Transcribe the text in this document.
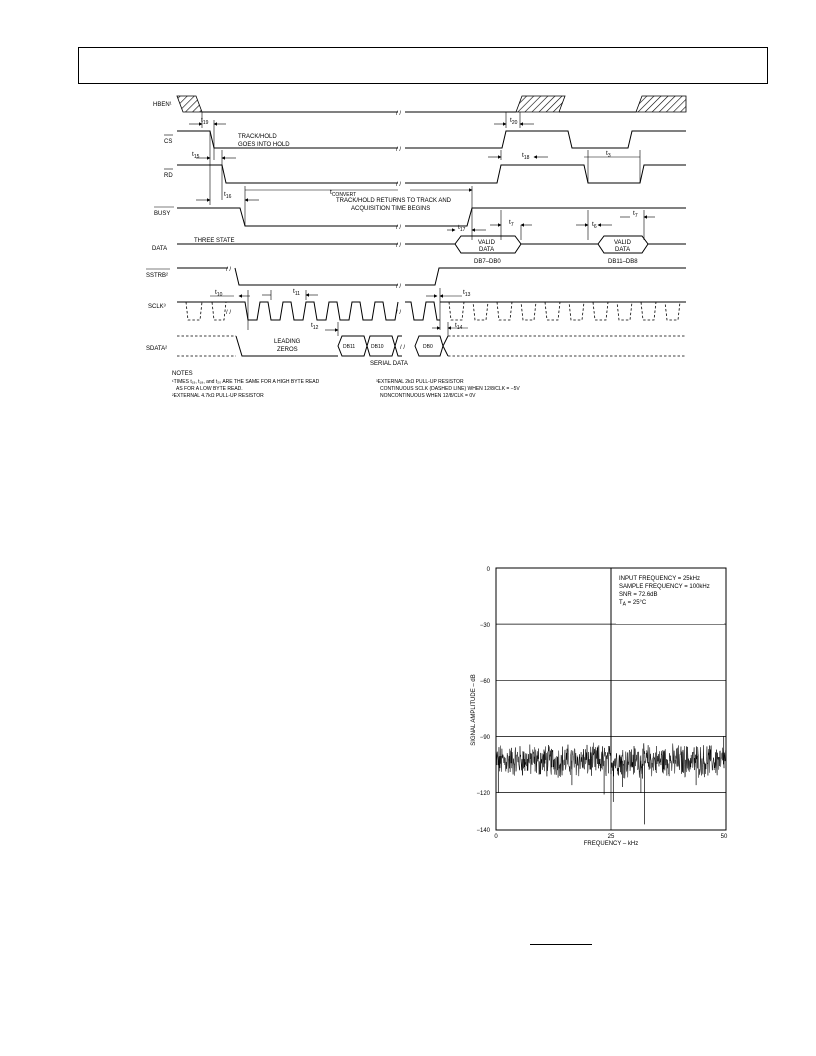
HBEN¹
CS
RD
BUSY
DATA
SSTRB²
SCLK³
SDATA²
/ /
/ /
/ /
/ /
/ /
/ /
/ /
/ /	/ /
/ /
DB11	DB10	DB0
$t_{19}$	$t_{20}$
$t_{15}$
$t_{16}$
$t_{18}$
$t_3$
$t_{17}$
$t_7$	$t_6$
$t_7$
$t_{10}$	$t_{11}$
$t_{12}$
$t_{13}$
$t_{14}$
TRACK/HOLD
GOES INTO HOLD
$t_{CONVERT}$
TRACK/HOLD RETURNS TO TRACK AND
ACQUISITION TIME BEGINS
THREE STATE	VALID
DATA
DB7–DB0
VALID
DATA
DB11–DB8
LEADING
ZEROS
SERIAL DATA
NOTES
¹TIMES t₁₉, t₁₈, and t₂₀ ARE THE SAME FOR A HIGH BYTE READ
AS FOR A LOW BYTE READ.
²EXTERNAL 4.7kΩ PULL-UP RESISTOR
³EXTERNAL 2kΩ PULL-UP RESISTOR
CONTINUOUS SCLK (DASHED LINE) WHEN 12/8/CLK = −5V
NONCONTINUOUS WHEN 12/8/CLK = 0V
0
−30
−60
−90
−120
−140
0	25	50
FREQUENCY – kHz
SIGNAL AMPLITUDE – dB
INPUT FREQUENCY = 25kHz
SAMPLE FREQUENCY = 100kHz
SNR = 72.6dB
$T_A = 25^\circ C$
